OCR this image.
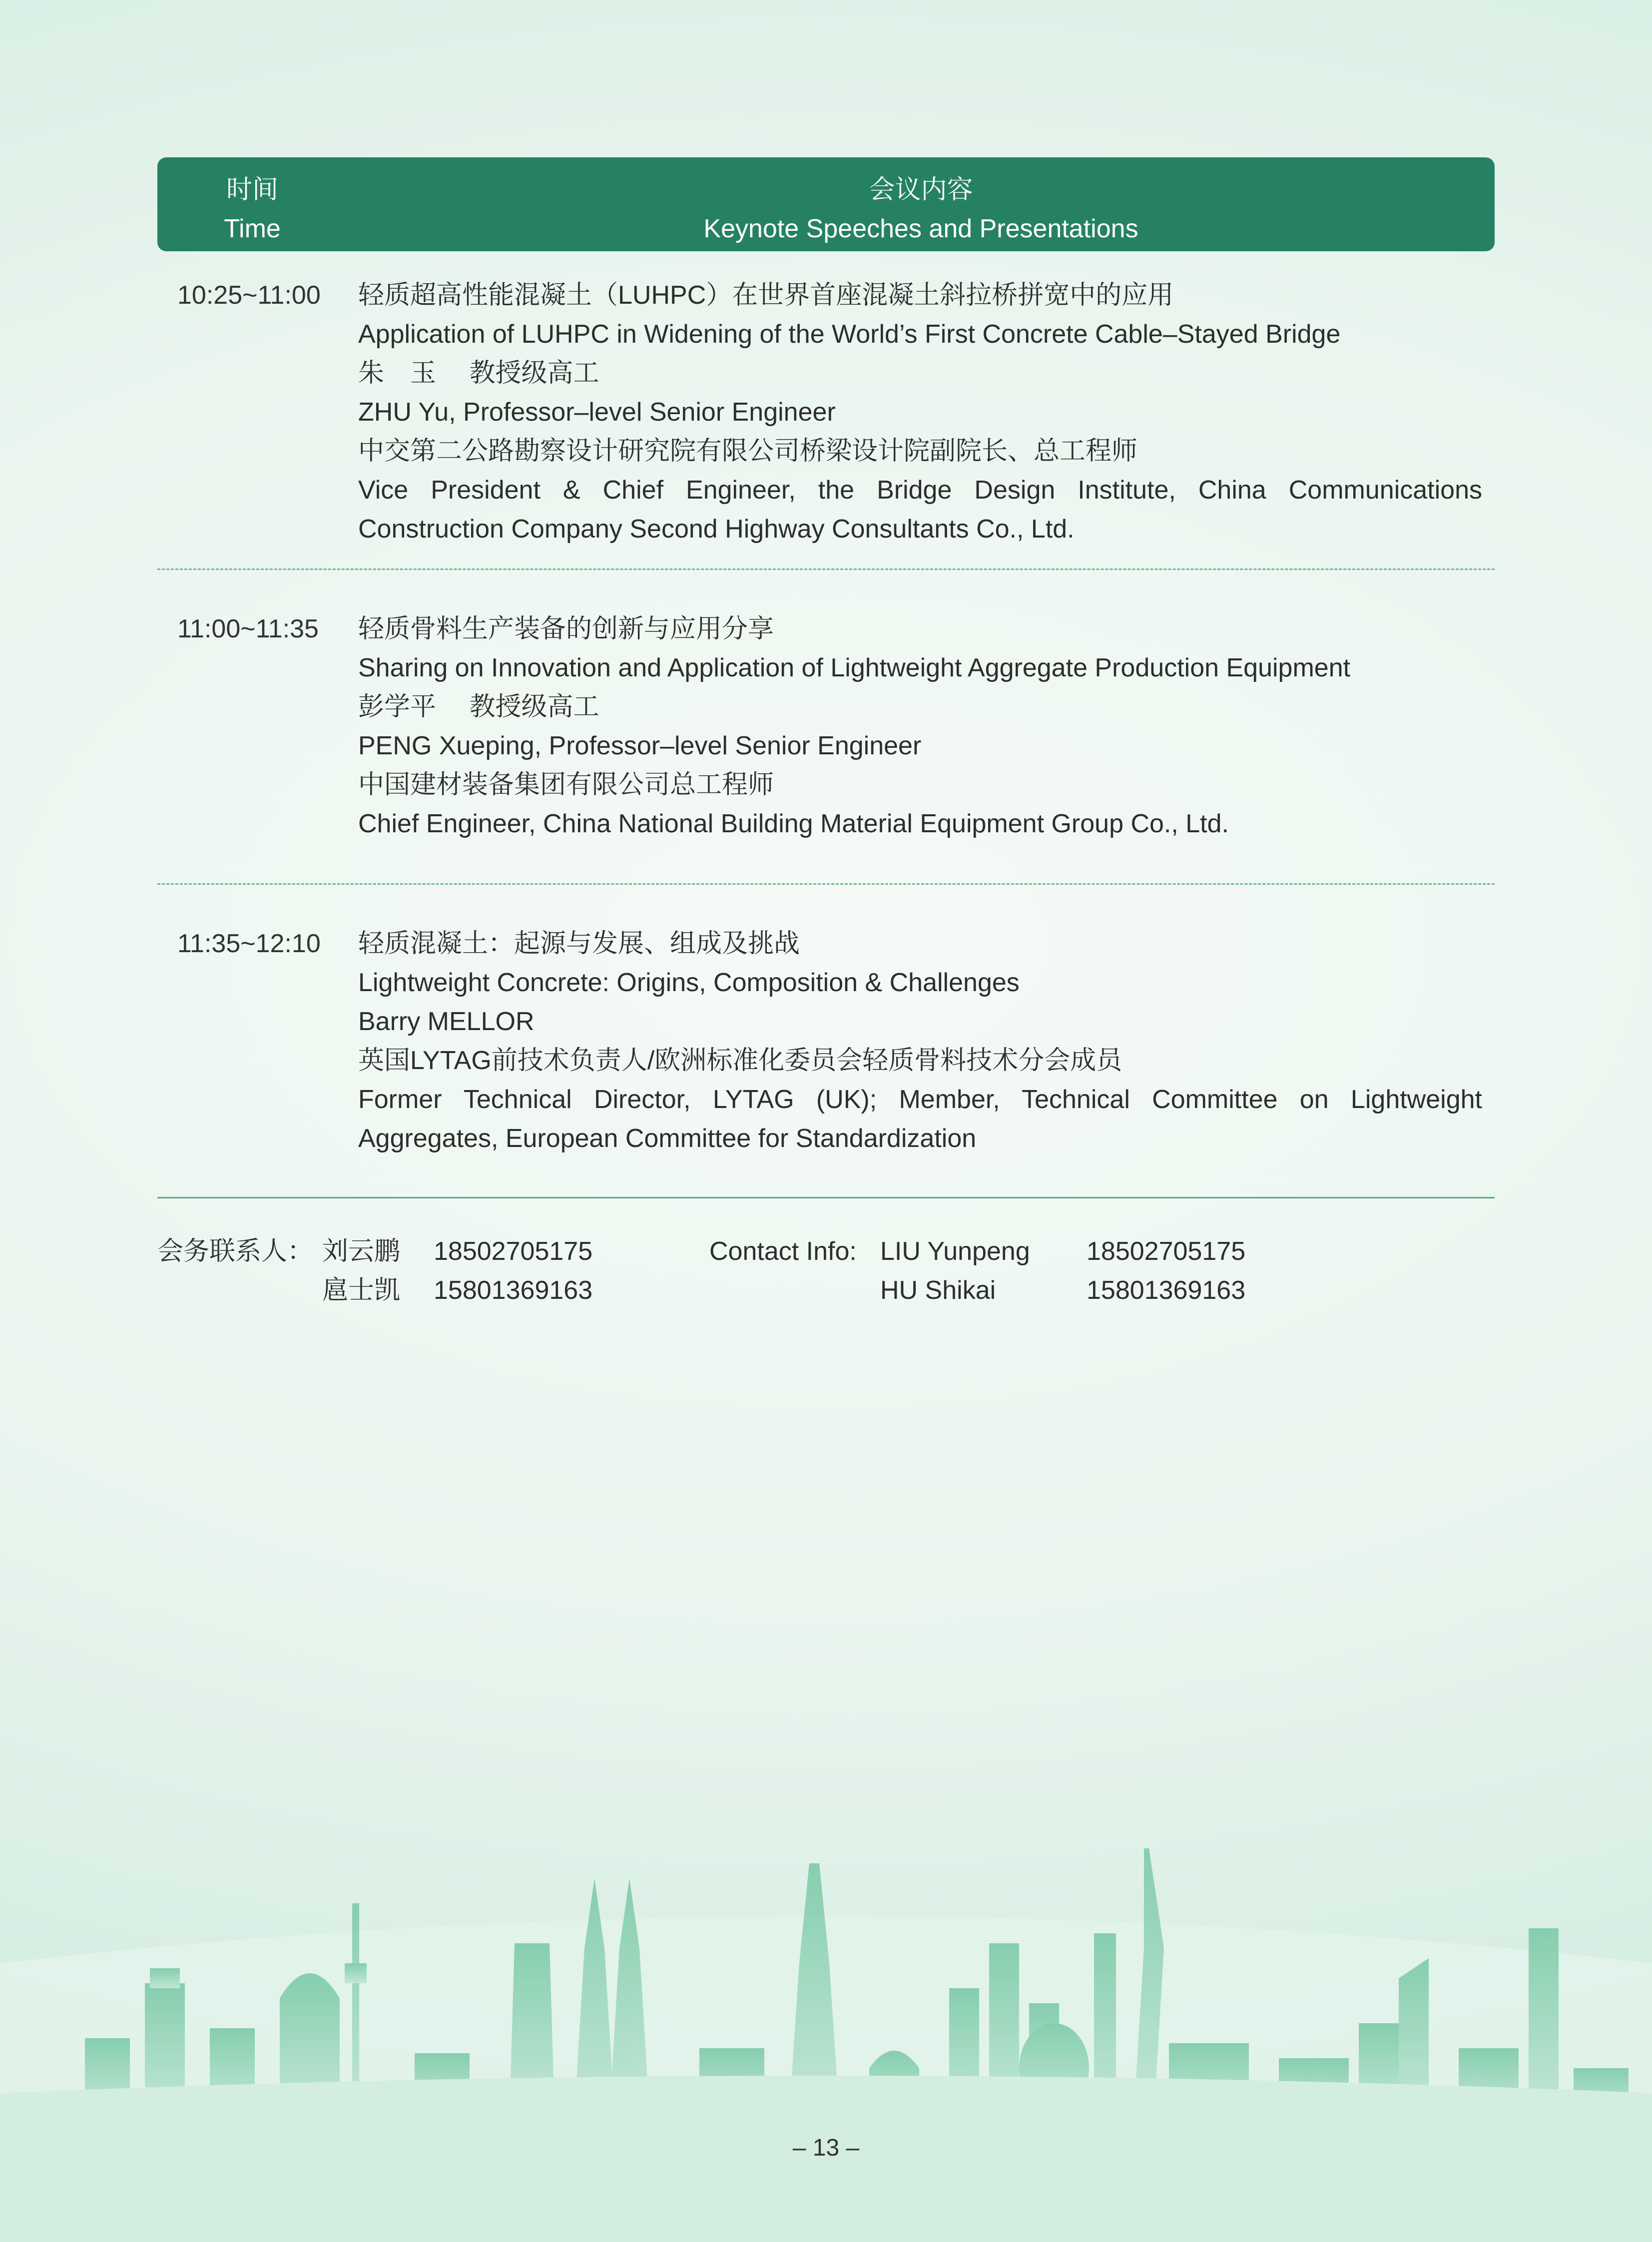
时间
Time
会议内容
Keynote Speeches and Presentations
10:25~11:00 轻质超高性能混凝土（LUHPC）在世界首座混凝土斜拉桥拼宽中的应用
Application of LUHPC in Widening of the World’s First Concrete Cable–Stayed Bridge
朱　玉　 教授级高工
ZHU Yu, Professor–level Senior Engineer
中交第二公路勘察设计研究院有限公司桥梁设计院副院长、总工程师
Vice President & Chief Engineer, the Bridge Design Institute, China Communications
Construction Company Second Highway Consultants Co., Ltd.
11:00~11:35 轻质骨料生产装备的创新与应用分享
Sharing on Innovation and Application of Lightweight Aggregate Production Equipment
彭学平　 教授级高工
PENG Xueping, Professor–level Senior Engineer
中国建材装备集团有限公司总工程师
Chief Engineer, China National Building Material Equipment Group Co., Ltd.
11:35~12:10 轻质混凝土：起源与发展、组成及挑战
Lightweight Concrete: Origins, Composition & Challenges
Barry MELLOR
英国LYTAG前技术负责人/欧洲标准化委员会轻质骨料技术分会成员
Former Technical Director, LYTAG (UK); Member, Technical Committee on Lightweight
Aggregates, European Committee for Standardization
会务联系人： 刘云鹏 18502705175
扈士凯 15801369163
Contact Info: LIU Yunpeng 18502705175
HU Shikai	15801369163
– 13 –
